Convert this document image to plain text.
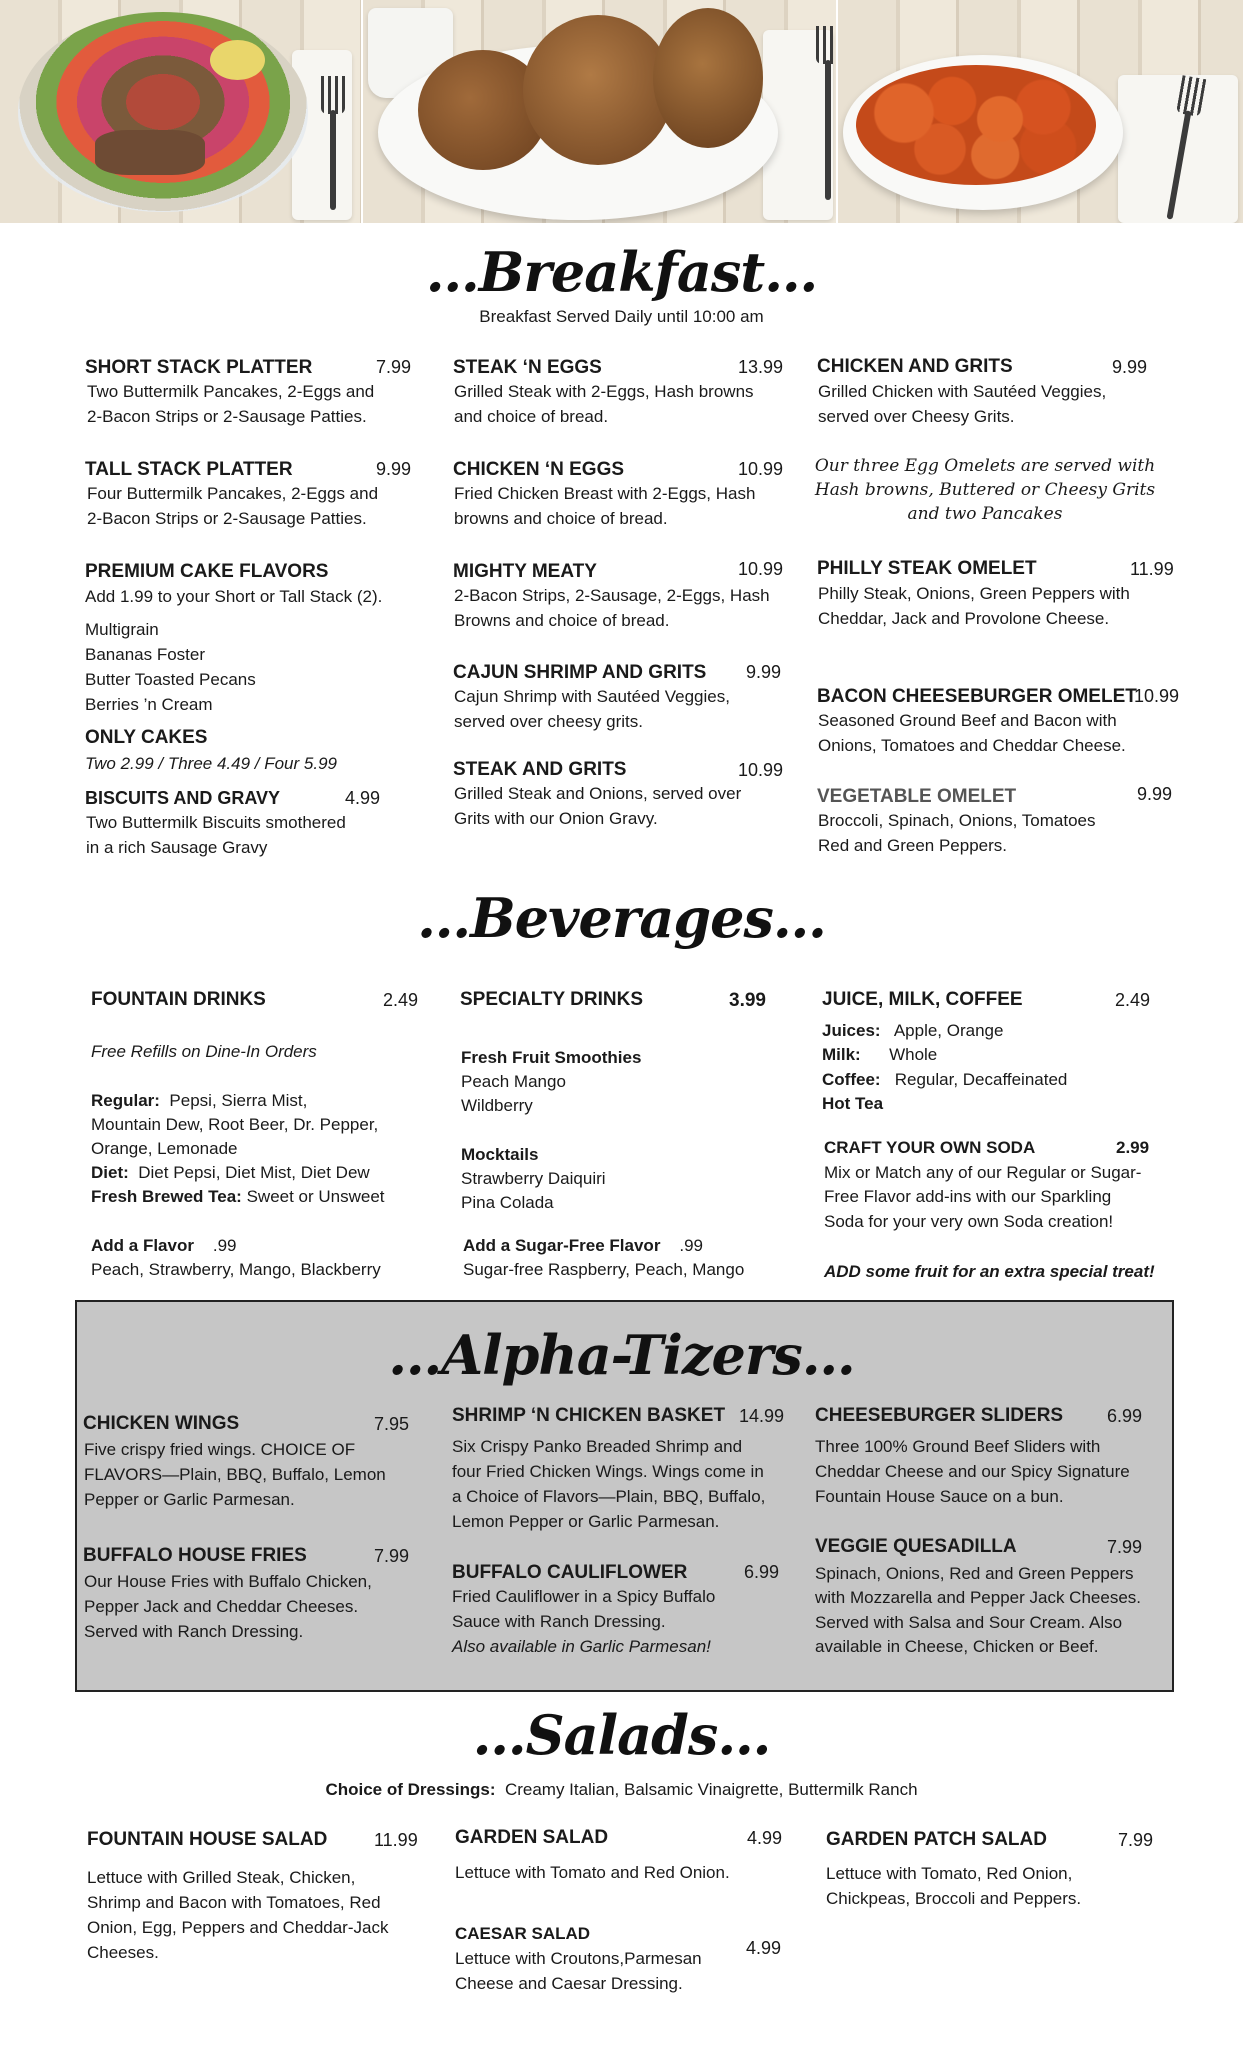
…Breakfast…
Breakfast Served Daily until 10:00 am
SHORT STACK PLATTER	7.99
Two Buttermilk Pancakes, 2-Eggs and
2-Bacon Strips or 2-Sausage Patties.
TALL STACK PLATTER	9.99
Four Buttermilk Pancakes, 2-Eggs and
2-Bacon Strips or 2-Sausage Patties.
PREMIUM CAKE FLAVORS
Add 1.99 to your Short or Tall Stack (2).
Multigrain
Bananas Foster
Butter Toasted Pecans
Berries ’n Cream
ONLY CAKES
Two 2.99 / Three 4.49 / Four 5.99
BISCUITS AND GRAVY	4.99
Two Buttermilk Biscuits smothered
in a rich Sausage Gravy
STEAK ‘N EGGS	13.99
Grilled Steak with 2-Eggs, Hash browns
and choice of bread.
CHICKEN ‘N EGGS	10.99
Fried Chicken Breast with 2-Eggs, Hash
browns and choice of bread.
MIGHTY MEATY	10.99
2-Bacon Strips, 2-Sausage, 2-Eggs, Hash
Browns and choice of bread.
CAJUN SHRIMP AND GRITS 9.99
Cajun Shrimp with Sautéed Veggies,
served over cheesy grits.
STEAK AND GRITS	10.99
Grilled Steak and Onions, served over
Grits with our Onion Gravy.
CHICKEN AND GRITS	9.99
Grilled Chicken with Sautéed Veggies,
served over Cheesy Grits.
Our three Egg Omelets are served with
Hash browns, Buttered or Cheesy Grits
and two Pancakes
PHILLY STEAK OMELET	11.99
Philly Steak, Onions, Green Peppers with
Cheddar, Jack and Provolone Cheese.
BACON CHEESEBURGER OMELET
10.99
Seasoned Ground Beef and Bacon with
Onions, Tomatoes and Cheddar Cheese.
VEGETABLE OMELET	9.99
Broccoli, Spinach, Onions, Tomatoes
Red and Green Peppers.
…Beverages…
FOUNTAIN DRINKS	2.49
Free Refills on Dine-In Orders
Regular: Pepsi, Sierra Mist,
Mountain Dew, Root Beer, Dr. Pepper,
Orange, Lemonade
Diet: Diet Pepsi, Diet Mist, Diet Dew
Fresh Brewed Tea: Sweet or Unsweet
Add a Flavor .99
Peach, Strawberry, Mango, Blackberry
SPECIALTY DRINKS	3.99
Fresh Fruit Smoothies
Peach Mango
Wildberry
Mocktails
Strawberry Daiquiri
Pina Colada
Add a Sugar-Free Flavor .99
Sugar-free Raspberry, Peach, Mango
JUICE, MILK, COFFEE	2.49
Juices: Apple, Orange
Milk: Whole
Coffee: Regular, Decaffeinated
Hot Tea
CRAFT YOUR OWN SODA	2.99
Mix or Match any of our Regular or Sugar-
Free Flavor add-ins with our Sparkling
Soda for your very own Soda creation!
ADD some fruit for an extra special treat!
…Alpha-Tizers…
CHICKEN WINGS	7.95
Five crispy fried wings. CHOICE OF
FLAVORS—Plain, BBQ, Buffalo, Lemon
Pepper or Garlic Parmesan.
BUFFALO HOUSE FRIES	7.99
Our House Fries with Buffalo Chicken,
Pepper Jack and Cheddar Cheeses.
Served with Ranch Dressing.
SHRIMP ‘N CHICKEN BASKET 14.99
Six Crispy Panko Breaded Shrimp and
four Fried Chicken Wings. Wings come in
a Choice of Flavors—Plain, BBQ, Buffalo,
Lemon Pepper or Garlic Parmesan.
BUFFALO CAULIFLOWER	6.99
Fried Cauliflower in a Spicy Buffalo
Sauce with Ranch Dressing.
Also available in Garlic Parmesan!
CHEESEBURGER SLIDERS 6.99
Three 100% Ground Beef Sliders with
Cheddar Cheese and our Spicy Signature
Fountain House Sauce on a bun.
VEGGIE QUESADILLA	7.99
Spinach, Onions, Red and Green Peppers
with Mozzarella and Pepper Jack Cheeses.
Served with Salsa and Sour Cream. Also
available in Cheese, Chicken or Beef.
…Salads…
Choice of Dressings: Creamy Italian, Balsamic Vinaigrette, Buttermilk Ranch
FOUNTAIN HOUSE SALAD	11.99
Lettuce with Grilled Steak, Chicken,
Shrimp and Bacon with Tomatoes, Red
Onion, Egg, Peppers and Cheddar-Jack
Cheeses.
GARDEN SALAD	4.99
Lettuce with Tomato and Red Onion.
CAESAR SALAD
4.99
Lettuce with Croutons,Parmesan
Cheese and Caesar Dressing.
GARDEN PATCH SALAD	7.99
Lettuce with Tomato, Red Onion,
Chickpeas, Broccoli and Peppers.
